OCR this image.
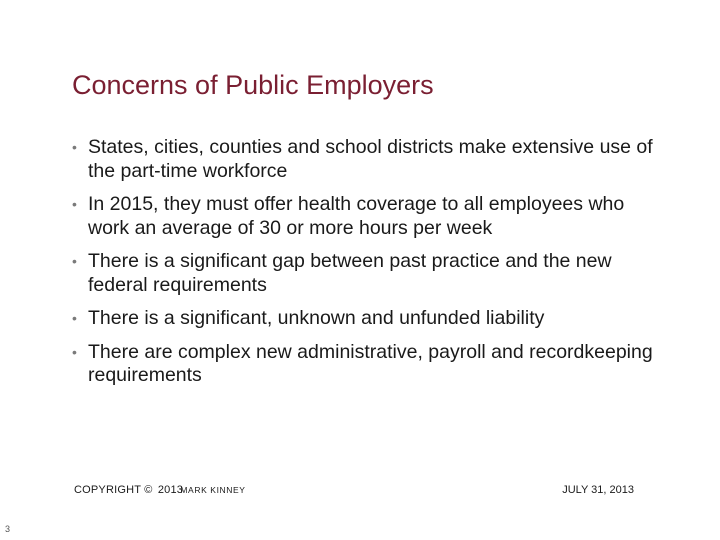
Concerns of Public Employers
• States, cities, counties and school districts make extensive use of the part-time workforce
• In 2015, they must offer health coverage to all employees who work an average of 30 or more hours per week
• There is a significant gap between past practice and the new federal requirements
• There is a significant, unknown and unfunded liability
• There are complex new administrative, payroll and recordkeeping requirements
COPYRIGHT © 2013 MARK KINNEY	JULY 31, 2013
3
